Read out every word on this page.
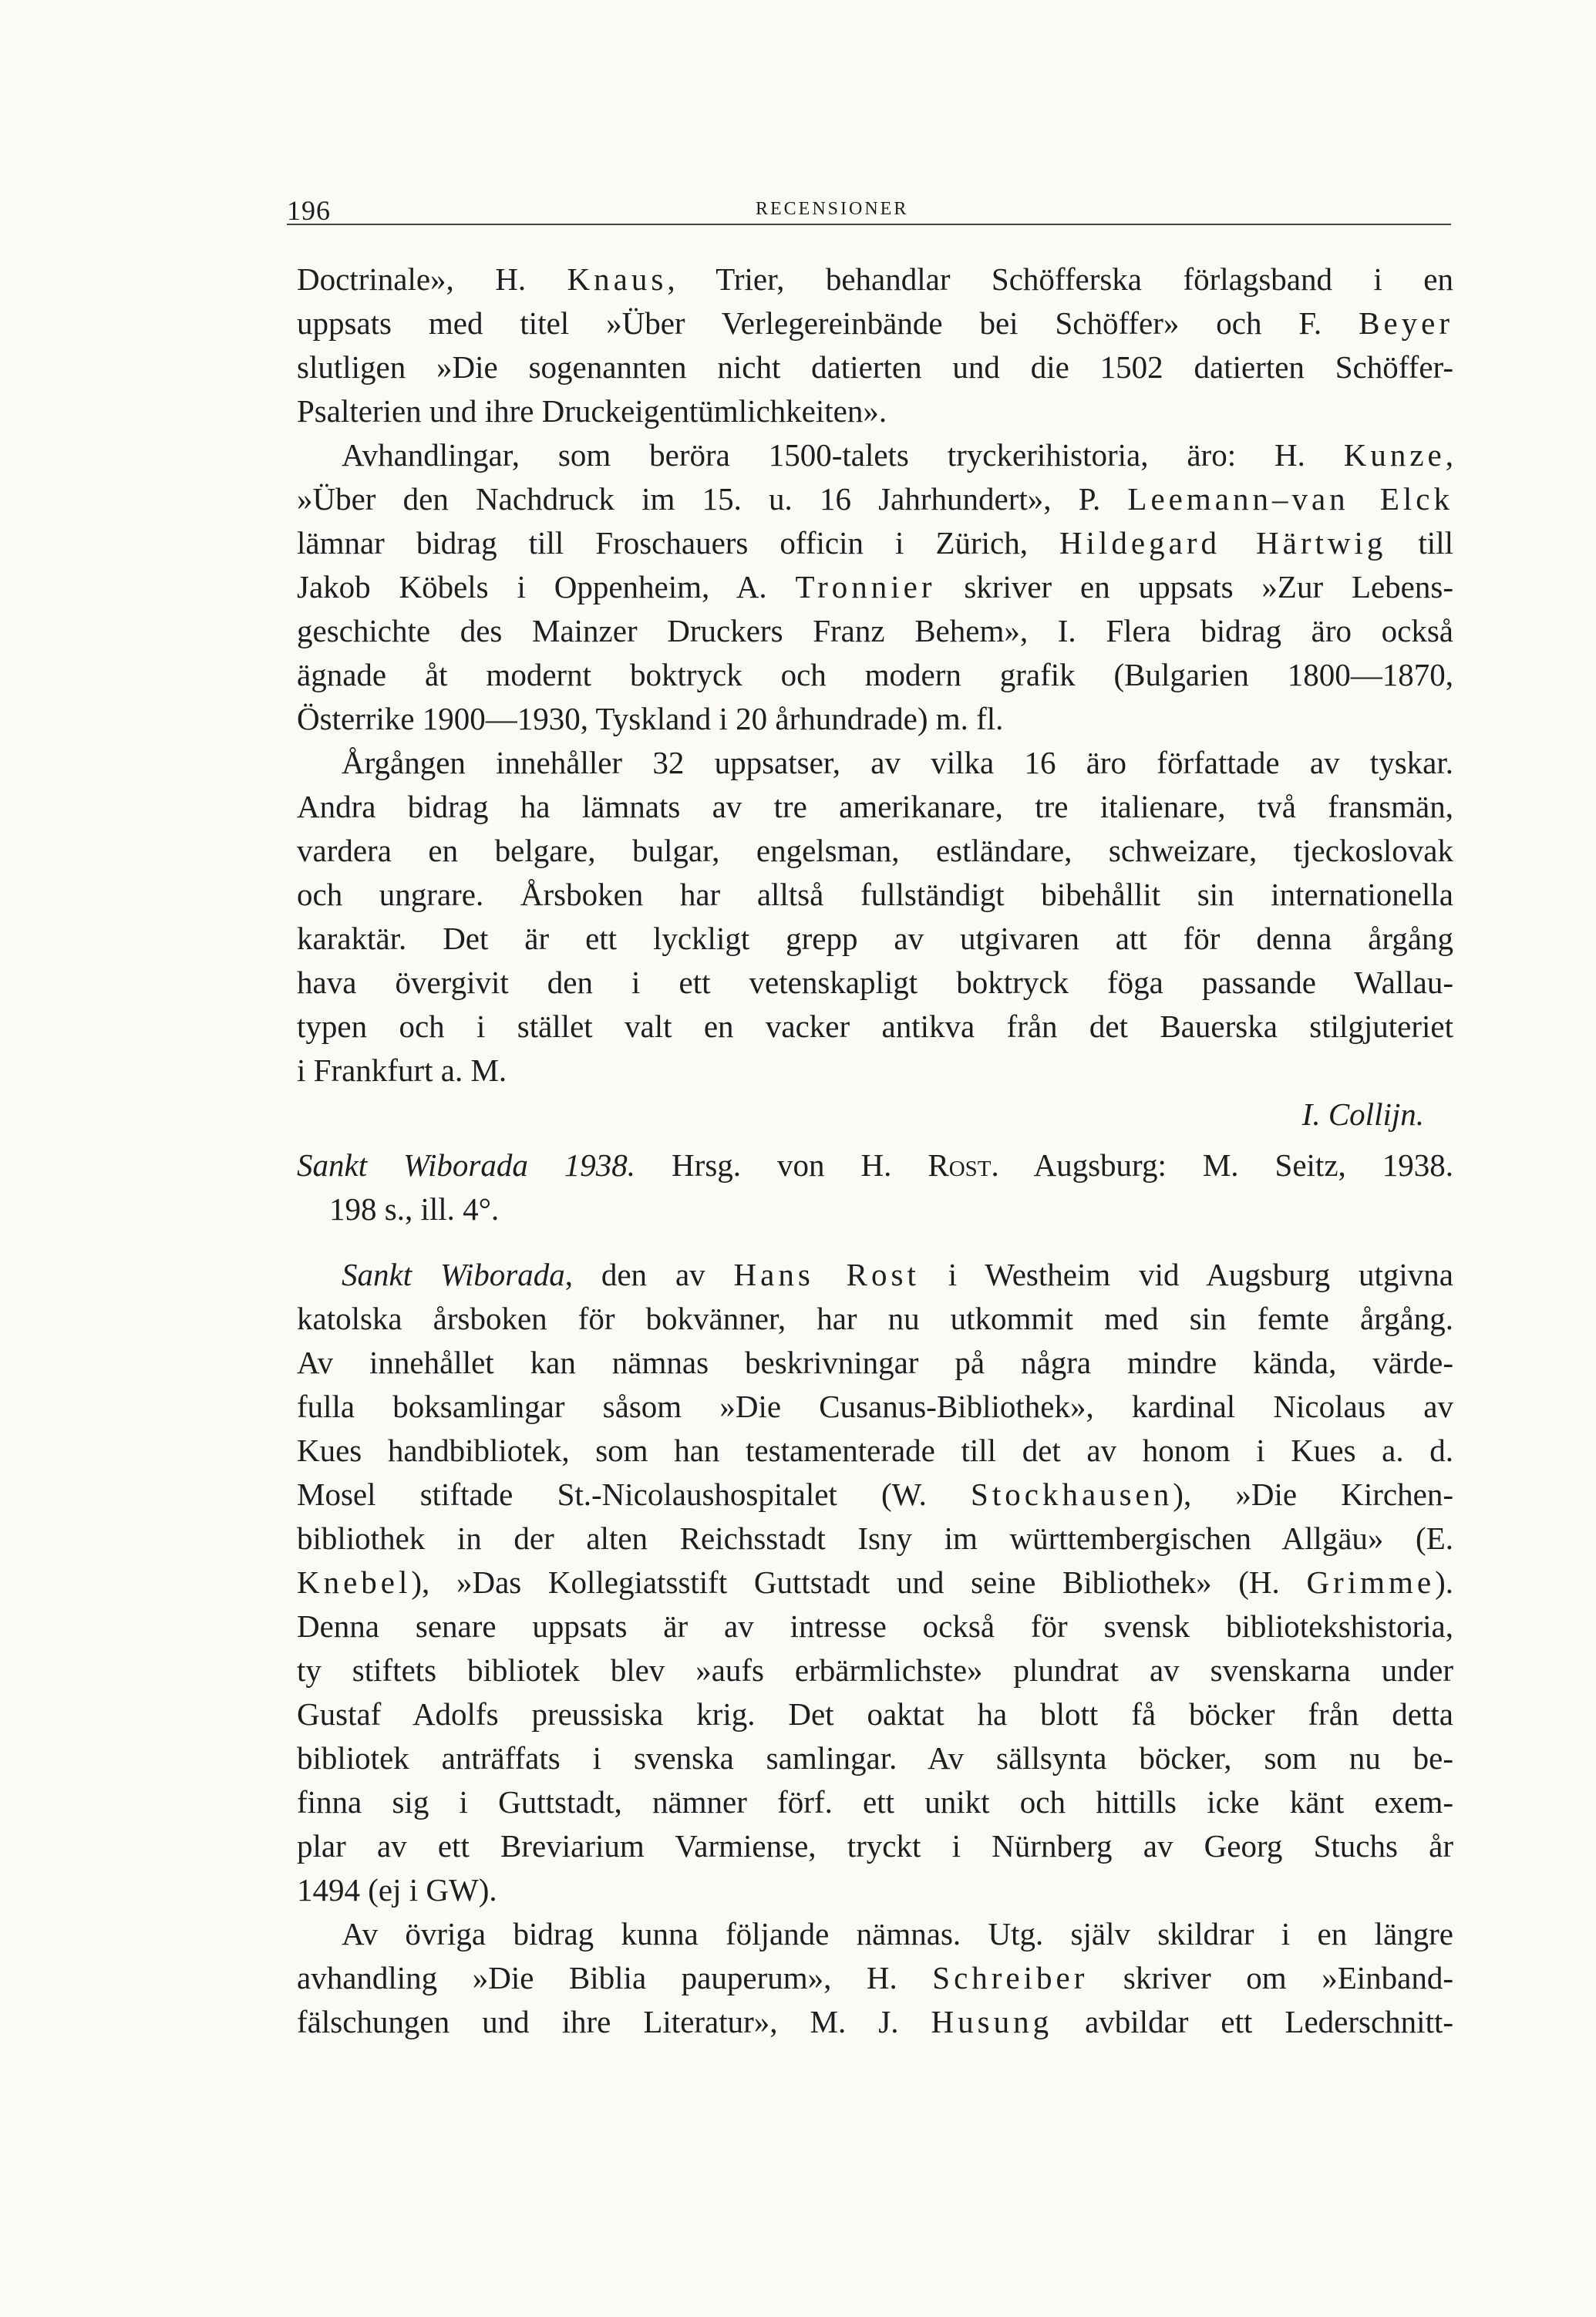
196	RECENSIONER
Doctrinale», H. Knaus, Trier, behandlar Schöfferska förlagsband i en
uppsats med titel »Über Verlegereinbände bei Schöffer» och F. Beyer
slutligen »Die sogenannten nicht datierten und die 1502 datierten Schöffer-
Psalterien und ihre Druckeigentümlichkeiten».
Avhandlingar, som beröra 1500-talets tryckerihistoria, äro: H. Kunze,
»Über den Nachdruck im 15. u. 16 Jahrhundert», P. Leemann–van Elck
lämnar bidrag till Froschauers officin i Zürich, Hildegard Härtwig till
Jakob Köbels i Oppenheim, A. Tronnier skriver en uppsats »Zur Lebens-
geschichte des Mainzer Druckers Franz Behem», I. Flera bidrag äro också
ägnade åt modernt boktryck och modern grafik (Bulgarien 1800—1870,
Österrike 1900—1930, Tyskland i 20 århundrade) m. fl.
Årgången innehåller 32 uppsatser, av vilka 16 äro författade av tyskar.
Andra bidrag ha lämnats av tre amerikanare, tre italienare, två fransmän,
vardera en belgare, bulgar, engelsman, estländare, schweizare, tjeckoslovak
och ungrare. Årsboken har alltså fullständigt bibehållit sin internationella
karaktär. Det är ett lyckligt grepp av utgivaren att för denna årgång
hava övergivit den i ett vetenskapligt boktryck föga passande Wallau-
typen och i stället valt en vacker antikva från det Bauerska stilgjuteriet
i Frankfurt a. M.
I. Collijn.
Sankt Wiborada 1938. Hrsg. von H. Rost. Augsburg: M. Seitz, 1938.
198 s., ill. 4°.
Sankt Wiborada, den av Hans Rost i Westheim vid Augsburg utgivna
katolska årsboken för bokvänner, har nu utkommit med sin femte årgång.
Av innehållet kan nämnas beskrivningar på några mindre kända, värde-
fulla boksamlingar såsom »Die Cusanus-Bibliothek», kardinal Nicolaus av
Kues handbibliotek, som han testamenterade till det av honom i Kues a. d.
Mosel stiftade St.-Nicolaushospitalet (W. Stockhausen), »Die Kirchen-
bibliothek in der alten Reichsstadt Isny im württembergischen Allgäu» (E.
Knebel), »Das Kollegiatsstift Guttstadt und seine Bibliothek» (H. Grimme).
Denna senare uppsats är av intresse också för svensk bibliotekshistoria,
ty stiftets bibliotek blev »aufs erbärmlichste» plundrat av svenskarna under
Gustaf Adolfs preussiska krig. Det oaktat ha blott få böcker från detta
bibliotek anträffats i svenska samlingar. Av sällsynta böcker, som nu be-
finna sig i Guttstadt, nämner förf. ett unikt och hittills icke känt exem-
plar av ett Breviarium Varmiense, tryckt i Nürnberg av Georg Stuchs år
1494 (ej i GW).
Av övriga bidrag kunna följande nämnas. Utg. själv skildrar i en längre
avhandling »Die Biblia pauperum», H. Schreiber skriver om »Einband-
fälschungen und ihre Literatur», M. J. Husung avbildar ett Lederschnitt-
